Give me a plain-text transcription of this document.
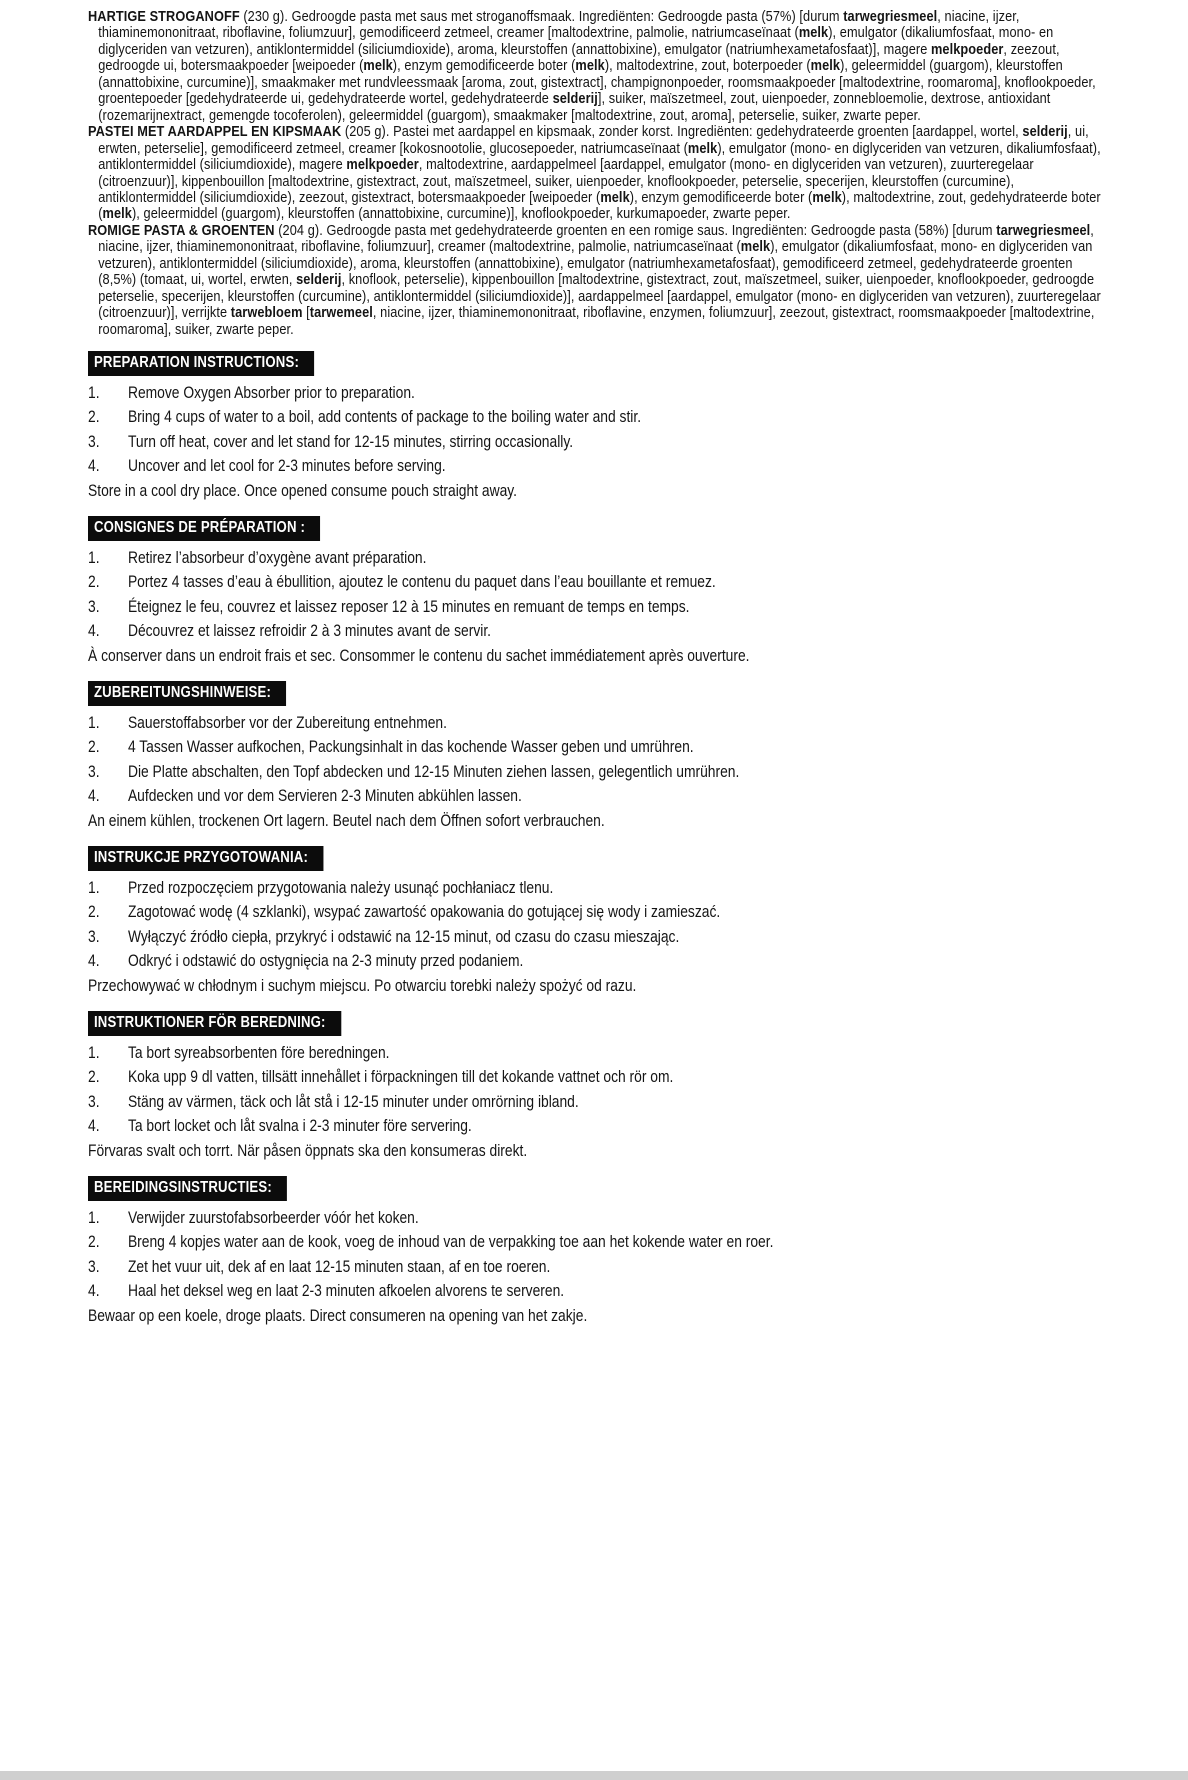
HARTIGE STROGANOFF (230 g). Gedroogde pasta met saus met stroganoffsmaak. Ingrediënten: Gedroogde pasta (57%) [durum tarwegriesmeel, niacine, ijzer, thiaminemononitraat, riboflavine, foliumzuur], gemodificeerd zetmeel, creamer [maltodextrine, palmolie, natriumcaseïnaat (melk), emulgator (dikaliumfosfaat, mono- en diglyceriden van vetzuren), antiklontermiddel (siliciumdioxide), aroma, kleurstoffen (annattobixine), emulgator (natriumhexametafosfaat)], magere melkpoeder, zeezout, gedroogde ui, botersmaakpoeder [weipoeder (melk), enzym gemodificeerde boter (melk), maltodextrine, zout, boterpoeder (melk), geleermiddel (guargom), kleurstoffen (annattobixine, curcumine)], smaakmaker met rundvleessmaak [aroma, zout, gistextract], champignonpoeder, roomsmaakpoeder [maltodextrine, roomaroma], knoflookpoeder, groentepoeder [gedehydrateerde ui, gedehydrateerde wortel, gedehydrateerde selderij], suiker, maïszetmeel, zout, uienpoeder, zonnebloemolie, dextrose, antioxidant (rozemarijnextract, gemengde tocoferolen), geleermiddel (guargom), smaakmaker [maltodextrine, zout, aroma], peterselie, suiker, zwarte peper.

PASTEI MET AARDAPPEL EN KIPSMAAK (205 g). Pastei met aardappel en kipsmaak, zonder korst. Ingrediënten: gedehydrateerde groenten [aardappel, wortel, selderij, ui, erwten, peterselie], gemodificeerd zetmeel, creamer [kokosnootolie, glucosepoeder, natriumcaseïnaat (melk), emulgator (mono- en diglyceriden van vetzuren, dikaliumfosfaat), antiklontermiddel (siliciumdioxide), magere melkpoeder, maltodextrine, aardappelmeel [aardappel, emulgator (mono- en diglyceriden van vetzuren), zuurteregelaar (citroenzuur)], kippenbouillon [maltodextrine, gistextract, zout, maïszetmeel, suiker, uienpoeder, knoflookpoeder, peterselie, specerijen, kleurstoffen (curcumine), antiklontermiddel (siliciumdioxide), zeezout, gistextract, botersmaakpoeder [weipoeder (melk), enzym gemodificeerde boter (melk), maltodextrine, zout, gedehydrateerde boter (melk), geleermiddel (guargom), kleurstoffen (annattobixine, curcumine)], knoflookpoeder, kurkumapoeder, zwarte peper.

ROMIGE PASTA & GROENTEN (204 g). Gedroogde pasta met gedehydrateerde groenten en een romige saus. Ingrediënten: Gedroogde pasta (58%) [durum tarwegriesmeel, niacine, ijzer, thiaminemononitraat, riboflavine, foliumzuur], creamer (maltodextrine, palmolie, natriumcaseïnaat (melk), emulgator (dikaliumfosfaat, mono- en diglyceriden van vetzuren), antiklontermiddel (siliciumdioxide), aroma, kleurstoffen (annattobixine), emulgator (natriumhexametafosfaat), gemodificeerd zetmeel, gedehydrateerde groenten (8,5%) (tomaat, ui, wortel, erwten, selderij, knoflook, peterselie), kippenbouillon [maltodextrine, gistextract, zout, maïszetmeel, suiker, uienpoeder, knoflookpoeder, gedroogde peterselie, specerijen, kleurstoffen (curcumine), antiklontermiddel (siliciumdioxide)], aardappelmeel [aardappel, emulgator (mono- en diglyceriden van vetzuren), zuurteregelaar (citroenzuur)], verrijkte tarwebloem [tarwemeel, niacine, ijzer, thiaminemononitraat, riboflavine, enzymen, foliumzuur], zeezout, gistextract, roomsmaakpoeder [maltodextrine, roomaroma], suiker, zwarte peper.

PREPARATION INSTRUCTIONS:
1.	Remove Oxygen Absorber prior to preparation.
2.	Bring 4 cups of water to a boil, add contents of package to the boiling water and stir.
3.	Turn off heat, cover and let stand for 12-15 minutes, stirring occasionally.
4.	Uncover and let cool for 2-3 minutes before serving.
Store in a cool dry place. Once opened consume pouch straight away.
CONSIGNES DE PRÉPARATION :
1.	Retirez l’absorbeur d’oxygène avant préparation.
2.	Portez 4 tasses d’eau à ébullition, ajoutez le contenu du paquet dans l’eau bouillante et remuez.
3.	Éteignez le feu, couvrez et laissez reposer 12 à 15 minutes en remuant de temps en temps.
4.	Découvrez et laissez refroidir 2 à 3 minutes avant de servir.
À conserver dans un endroit frais et sec. Consommer le contenu du sachet immédiatement après ouverture.
ZUBEREITUNGSHINWEISE:
1.	Sauerstoffabsorber vor der Zubereitung entnehmen.
2.	4 Tassen Wasser aufkochen, Packungsinhalt in das kochende Wasser geben und umrühren.
3.	Die Platte abschalten, den Topf abdecken und 12-15 Minuten ziehen lassen, gelegentlich umrühren.
4.	Aufdecken und vor dem Servieren 2-3 Minuten abkühlen lassen.
An einem kühlen, trockenen Ort lagern. Beutel nach dem Öffnen sofort verbrauchen.
INSTRUKCJE PRZYGOTOWANIA:
1.	Przed rozpoczęciem przygotowania należy usunąć pochłaniacz tlenu.
2.	Zagotować wodę (4 szklanki), wsypać zawartość opakowania do gotującej się wody i zamieszać.
3.	Wyłączyć źródło ciepła, przykryć i odstawić na 12-15 minut, od czasu do czasu mieszając.
4.	Odkryć i odstawić do ostygnięcia na 2-3 minuty przed podaniem.
Przechowywać w chłodnym i suchym miejscu. Po otwarciu torebki należy spożyć od razu.
INSTRUKTIONER FÖR BEREDNING:
1.	Ta bort syreabsorbenten före beredningen.
2.	Koka upp 9 dl vatten, tillsätt innehållet i förpackningen till det kokande vattnet och rör om.
3.	Stäng av värmen, täck och låt stå i 12-15 minuter under omrörning ibland.
4.	Ta bort locket och låt svalna i 2-3 minuter före servering.
Förvaras svalt och torrt. När påsen öppnats ska den konsumeras direkt.
BEREIDINGSINSTRUCTIES:
1.	Verwijder zuurstofabsorbeerder vóór het koken.
2.	Breng 4 kopjes water aan de kook, voeg de inhoud van de verpakking toe aan het kokende water en roer.
3.	Zet het vuur uit, dek af en laat 12-15 minuten staan, af en toe roeren.
4.	Haal het deksel weg en laat 2-3 minuten afkoelen alvorens te serveren.
Bewaar op een koele, droge plaats. Direct consumeren na opening van het zakje.
